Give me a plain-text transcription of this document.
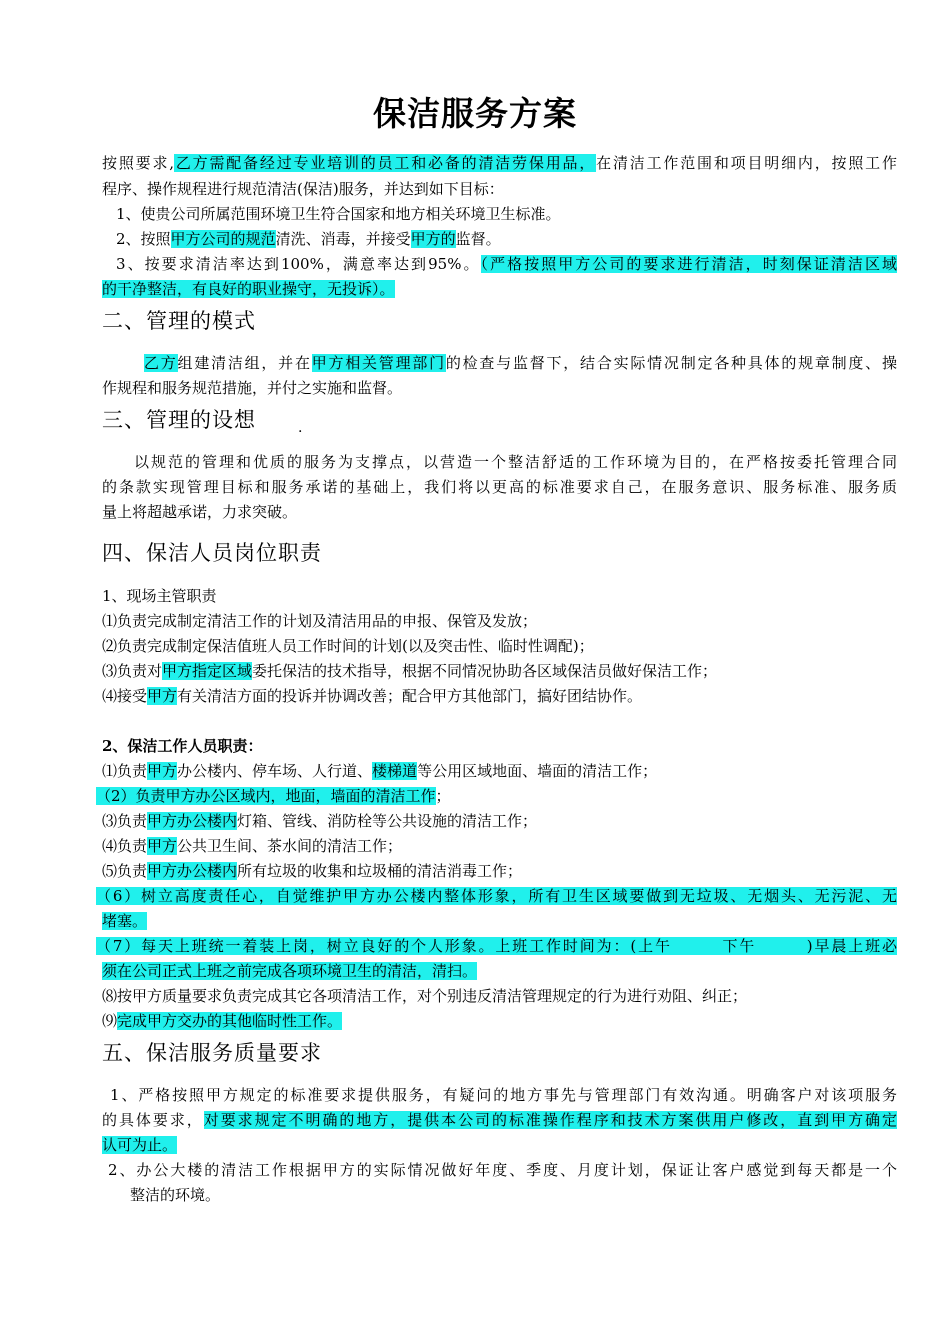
保洁服务方案
按照要求,乙方需配备经过专业培训的员工和必备的清洁劳保用品，在清洁工作范围和项目明细内，按照工作
程序、操作规程进行规范清洁(保洁)服务，并达到如下目标：
1、使贵公司所属范围环境卫生符合国家和地方相关环境卫生标准。
2、按照甲方公司的规范清洗、消毒，并接受甲方的监督。
3、按要求清洁率达到100%，满意率达到95%。（严格按照甲方公司的要求进行清洁，时刻保证清洁区域
的干净整洁，有良好的职业操守，无投诉）。
二、管理的模式
乙方组建清洁组，并在甲方相关管理部门的检查与监督下，结合实际情况制定各种具体的规章制度、操
作规程和服务规范措施，并付之实施和监督。
三、管理的设想	.
以规范的管理和优质的服务为支撑点，以营造一个整洁舒适的工作环境为目的，在严格按委托管理合同
的条款实现管理目标和服务承诺的基础上，我们将以更高的标准要求自己，在服务意识、服务标准、服务质
量上将超越承诺，力求突破。
四、保洁人员岗位职责
1、现场主管职责
⑴负责完成制定清洁工作的计划及清洁用品的申报、保管及发放；
⑵负责完成制定保洁值班人员工作时间的计划(以及突击性、临时性调配)；
⑶负责对甲方指定区域委托保洁的技术指导，根据不同情况协助各区域保洁员做好保洁工作；
⑷接受甲方有关清洁方面的投诉并协调改善；配合甲方其他部门，搞好团结协作。
2、保洁工作人员职责：
⑴负责甲方办公楼内、停车场、人行道、楼梯道等公用区域地面、墙面的清洁工作；
（2）负责甲方办公区域内，地面，墙面的清洁工作；
⑶负责甲方办公楼内灯箱、管线、消防栓等公共设施的清洁工作；
⑷负责甲方公共卫生间、茶水间的清洁工作；
⑸负责甲方办公楼内所有垃圾的收集和垃圾桶的清洁消毒工作；
（6）树立高度责任心，自觉维护甲方办公楼内整体形象，所有卫生区域要做到无垃圾、无烟头、无污泥、无
堵塞。
（7）每天上班统一着装上岗，树立良好的个人形象。上班工作时间为：(上午　　　下午　　　)早晨上班必
须在公司正式上班之前完成各项环境卫生的清洁，清扫。
⑻按甲方质量要求负责完成其它各项清洁工作，对个别违反清洁管理规定的行为进行劝阻、纠正；
⑼完成甲方交办的其他临时性工作。
五、保洁服务质量要求
1、严格按照甲方规定的标准要求提供服务，有疑问的地方事先与管理部门有效沟通。明确客户对该项服务
的具体要求，对要求规定不明确的地方，提供本公司的标准操作程序和技术方案供用户修改，直到甲方确定
认可为止。
2、办公大楼的清洁工作根据甲方的实际情况做好年度、季度、月度计划，保证让客户感觉到每天都是一个
整洁的环境。
